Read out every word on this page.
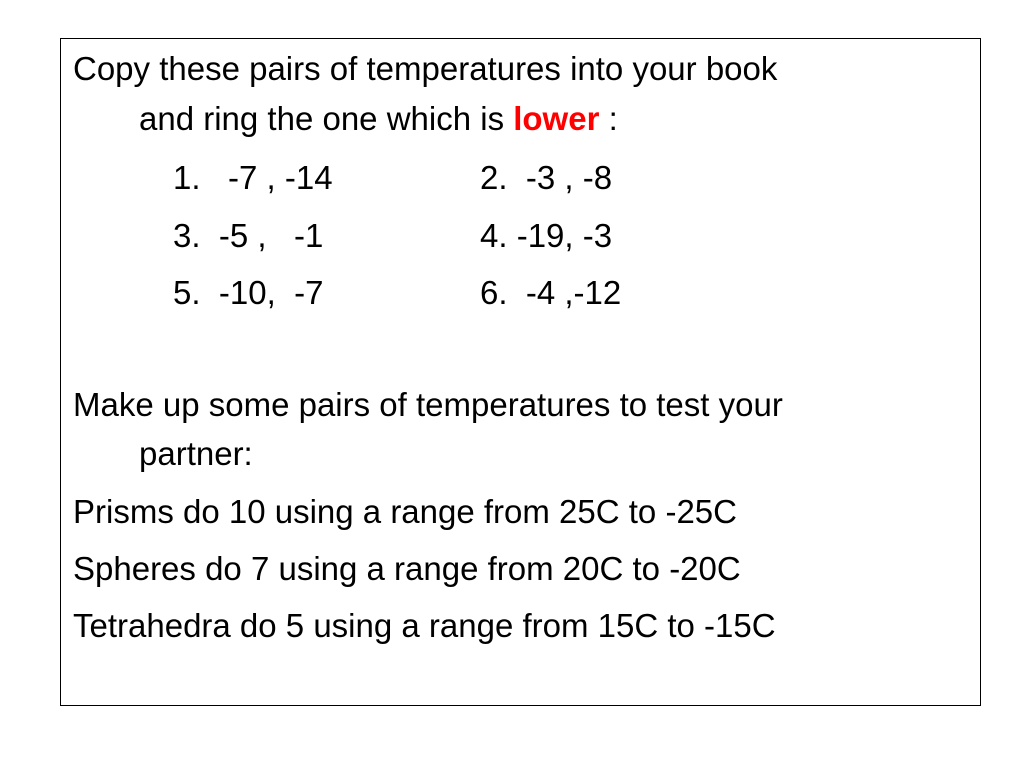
Copy these pairs of temperatures into your book
and ring the one which is lower :
1.   -7 , -14	2. -3 , -8
3. -5 ,   -1	4. -19, -3
5. -10,  -7	6. -4 ,-12
Make up some pairs of temperatures to test your
partner:
Prisms do 10 using a range from 25C to -25C
Spheres do 7 using a range from 20C to -20C
Tetrahedra do 5 using a range from 15C to -15C
